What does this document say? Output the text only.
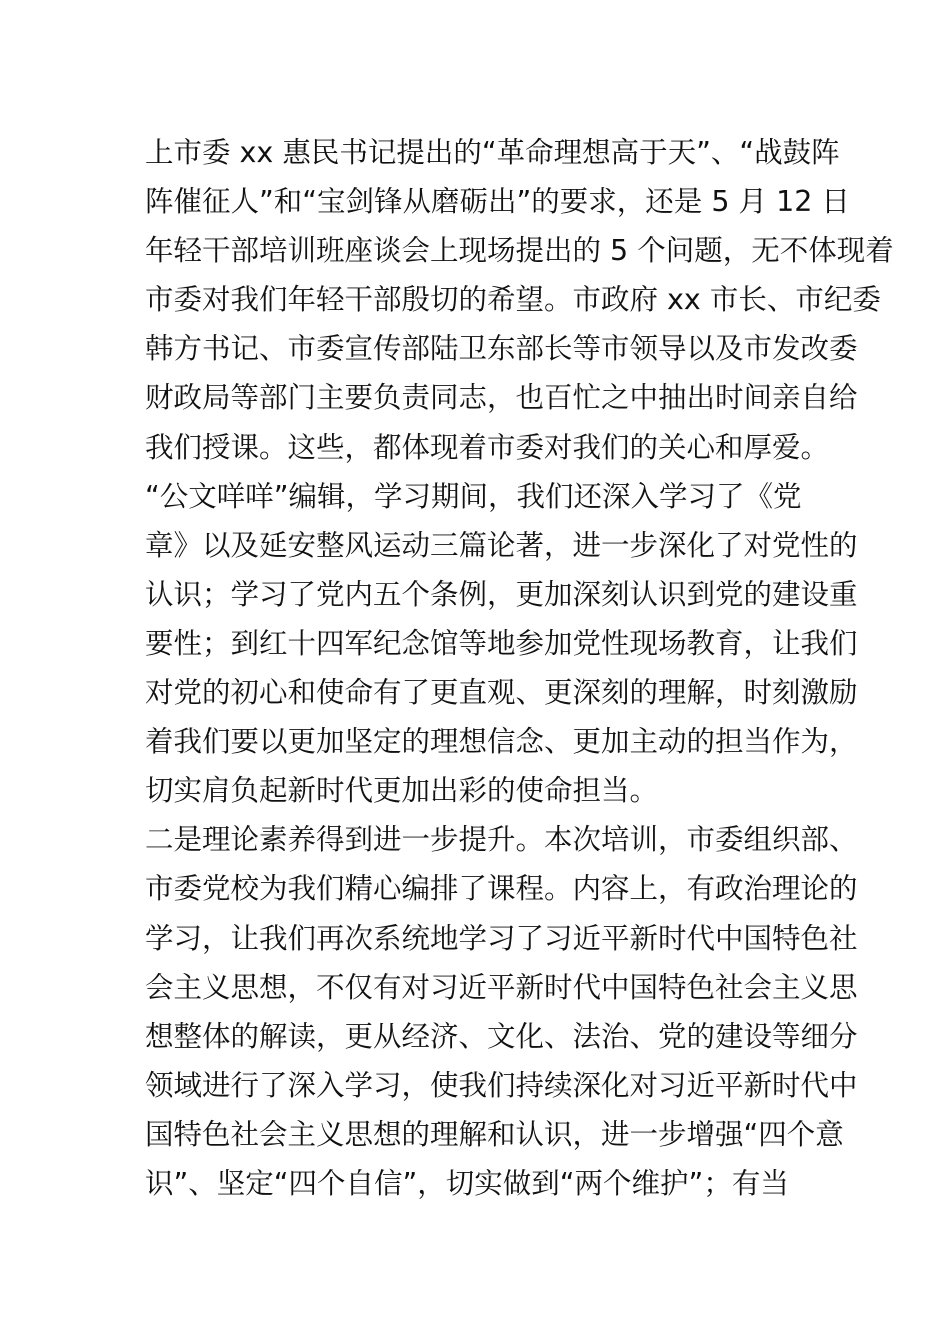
上市委 xx 惠民书记提出的“革命理想高于天”、“战鼓阵
阵催征人”和“宝剑锋从磨砺出”的要求，还是 5 月 12 日
年轻干部培训班座谈会上现场提出的 5 个问题，无不体现着
市委对我们年轻干部殷切的希望。市政府 xx 市长、市纪委
韩方书记、市委宣传部陆卫东部长等市领导以及市发改委
财政局等部门主要负责同志，也百忙之中抽出时间亲自给
我们授课。这些，都体现着市委对我们的关心和厚爱。
“公文咩咩”编辑，学习期间，我们还深入学习了《党
章》以及延安整风运动三篇论著，进一步深化了对党性的
认识；学习了党内五个条例，更加深刻认识到党的建设重
要性；到红十四军纪念馆等地参加党性现场教育，让我们
对党的初心和使命有了更直观、更深刻的理解，时刻激励
着我们要以更加坚定的理想信念、更加主动的担当作为，
切实肩负起新时代更加出彩的使命担当。
二是理论素养得到进一步提升。本次培训，市委组织部、
市委党校为我们精心编排了课程。内容上，有政治理论的
学习，让我们再次系统地学习了习近平新时代中国特色社
会主义思想，不仅有对习近平新时代中国特色社会主义思
想整体的解读，更从经济、文化、法治、党的建设等细分
领域进行了深入学习，使我们持续深化对习近平新时代中
国特色社会主义思想的理解和认识，进一步增强“四个意
识”、坚定“四个自信”，切实做到“两个维护”；有当
